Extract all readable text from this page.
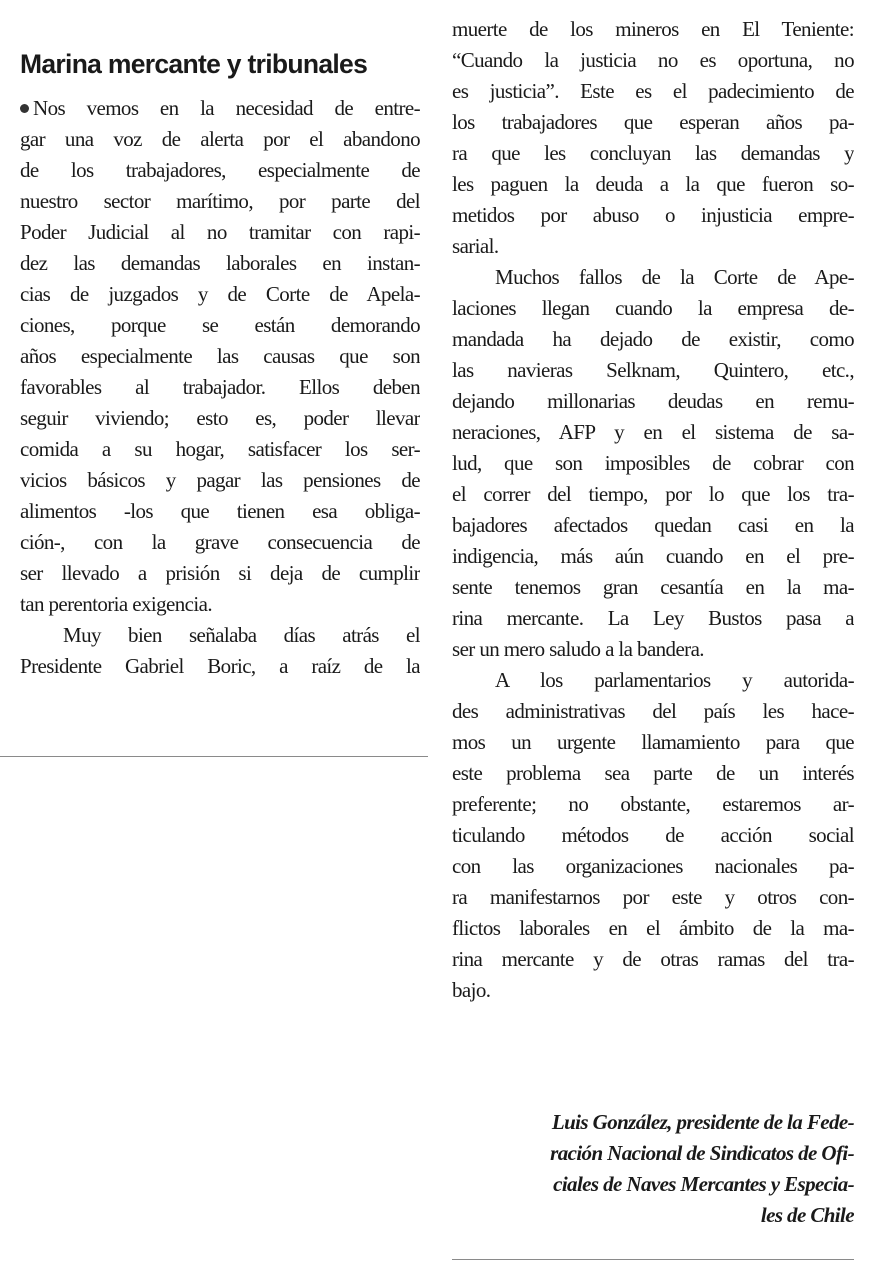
Marina mercante y tribunales
Nos vemos en la necesidad de entre-
gar una voz de alerta por el abandono
de los trabajadores, especialmente de
nuestro sector marítimo, por parte del
Poder Judicial al no tramitar con rapi-
dez las demandas laborales en instan-
cias de juzgados y de Corte de Apela-
ciones, porque se están demorando
años especialmente las causas que son
favorables al trabajador. Ellos deben
seguir viviendo; esto es, poder llevar
comida a su hogar, satisfacer los ser-
vicios básicos y pagar las pensiones de
alimentos -los que tienen esa obliga-
ción-, con la grave consecuencia de
ser llevado a prisión si deja de cumplir
tan perentoria exigencia.
Muy bien señalaba días atrás el
Presidente Gabriel Boric, a raíz de la
muerte de los mineros en El Teniente:
“Cuando la justicia no es oportuna, no
es justicia”. Este es el padecimiento de
los trabajadores que esperan años pa-
ra que les concluyan las demandas y
les paguen la deuda a la que fueron so-
metidos por abuso o injusticia empre-
sarial.
Muchos fallos de la Corte de Ape-
laciones llegan cuando la empresa de-
mandada ha dejado de existir, como
las navieras Selknam, Quintero, etc.,
dejando millonarias deudas en remu-
neraciones, AFP y en el sistema de sa-
lud, que son imposibles de cobrar con
el correr del tiempo, por lo que los tra-
bajadores afectados quedan casi en la
indigencia, más aún cuando en el pre-
sente tenemos gran cesantía en la ma-
rina mercante. La Ley Bustos pasa a
ser un mero saludo a la bandera.
A los parlamentarios y autorida-
des administrativas del país les hace-
mos un urgente llamamiento para que
este problema sea parte de un interés
preferente; no obstante, estaremos ar-
ticulando métodos de acción social
con las organizaciones nacionales pa-
ra manifestarnos por este y otros con-
flictos laborales en el ámbito de la ma-
rina mercante y de otras ramas del tra-
bajo.
Luis González, presidente de la Fede-
ración Nacional de Sindicatos de Ofi-
ciales de Naves Mercantes y Especia-
les de Chile
